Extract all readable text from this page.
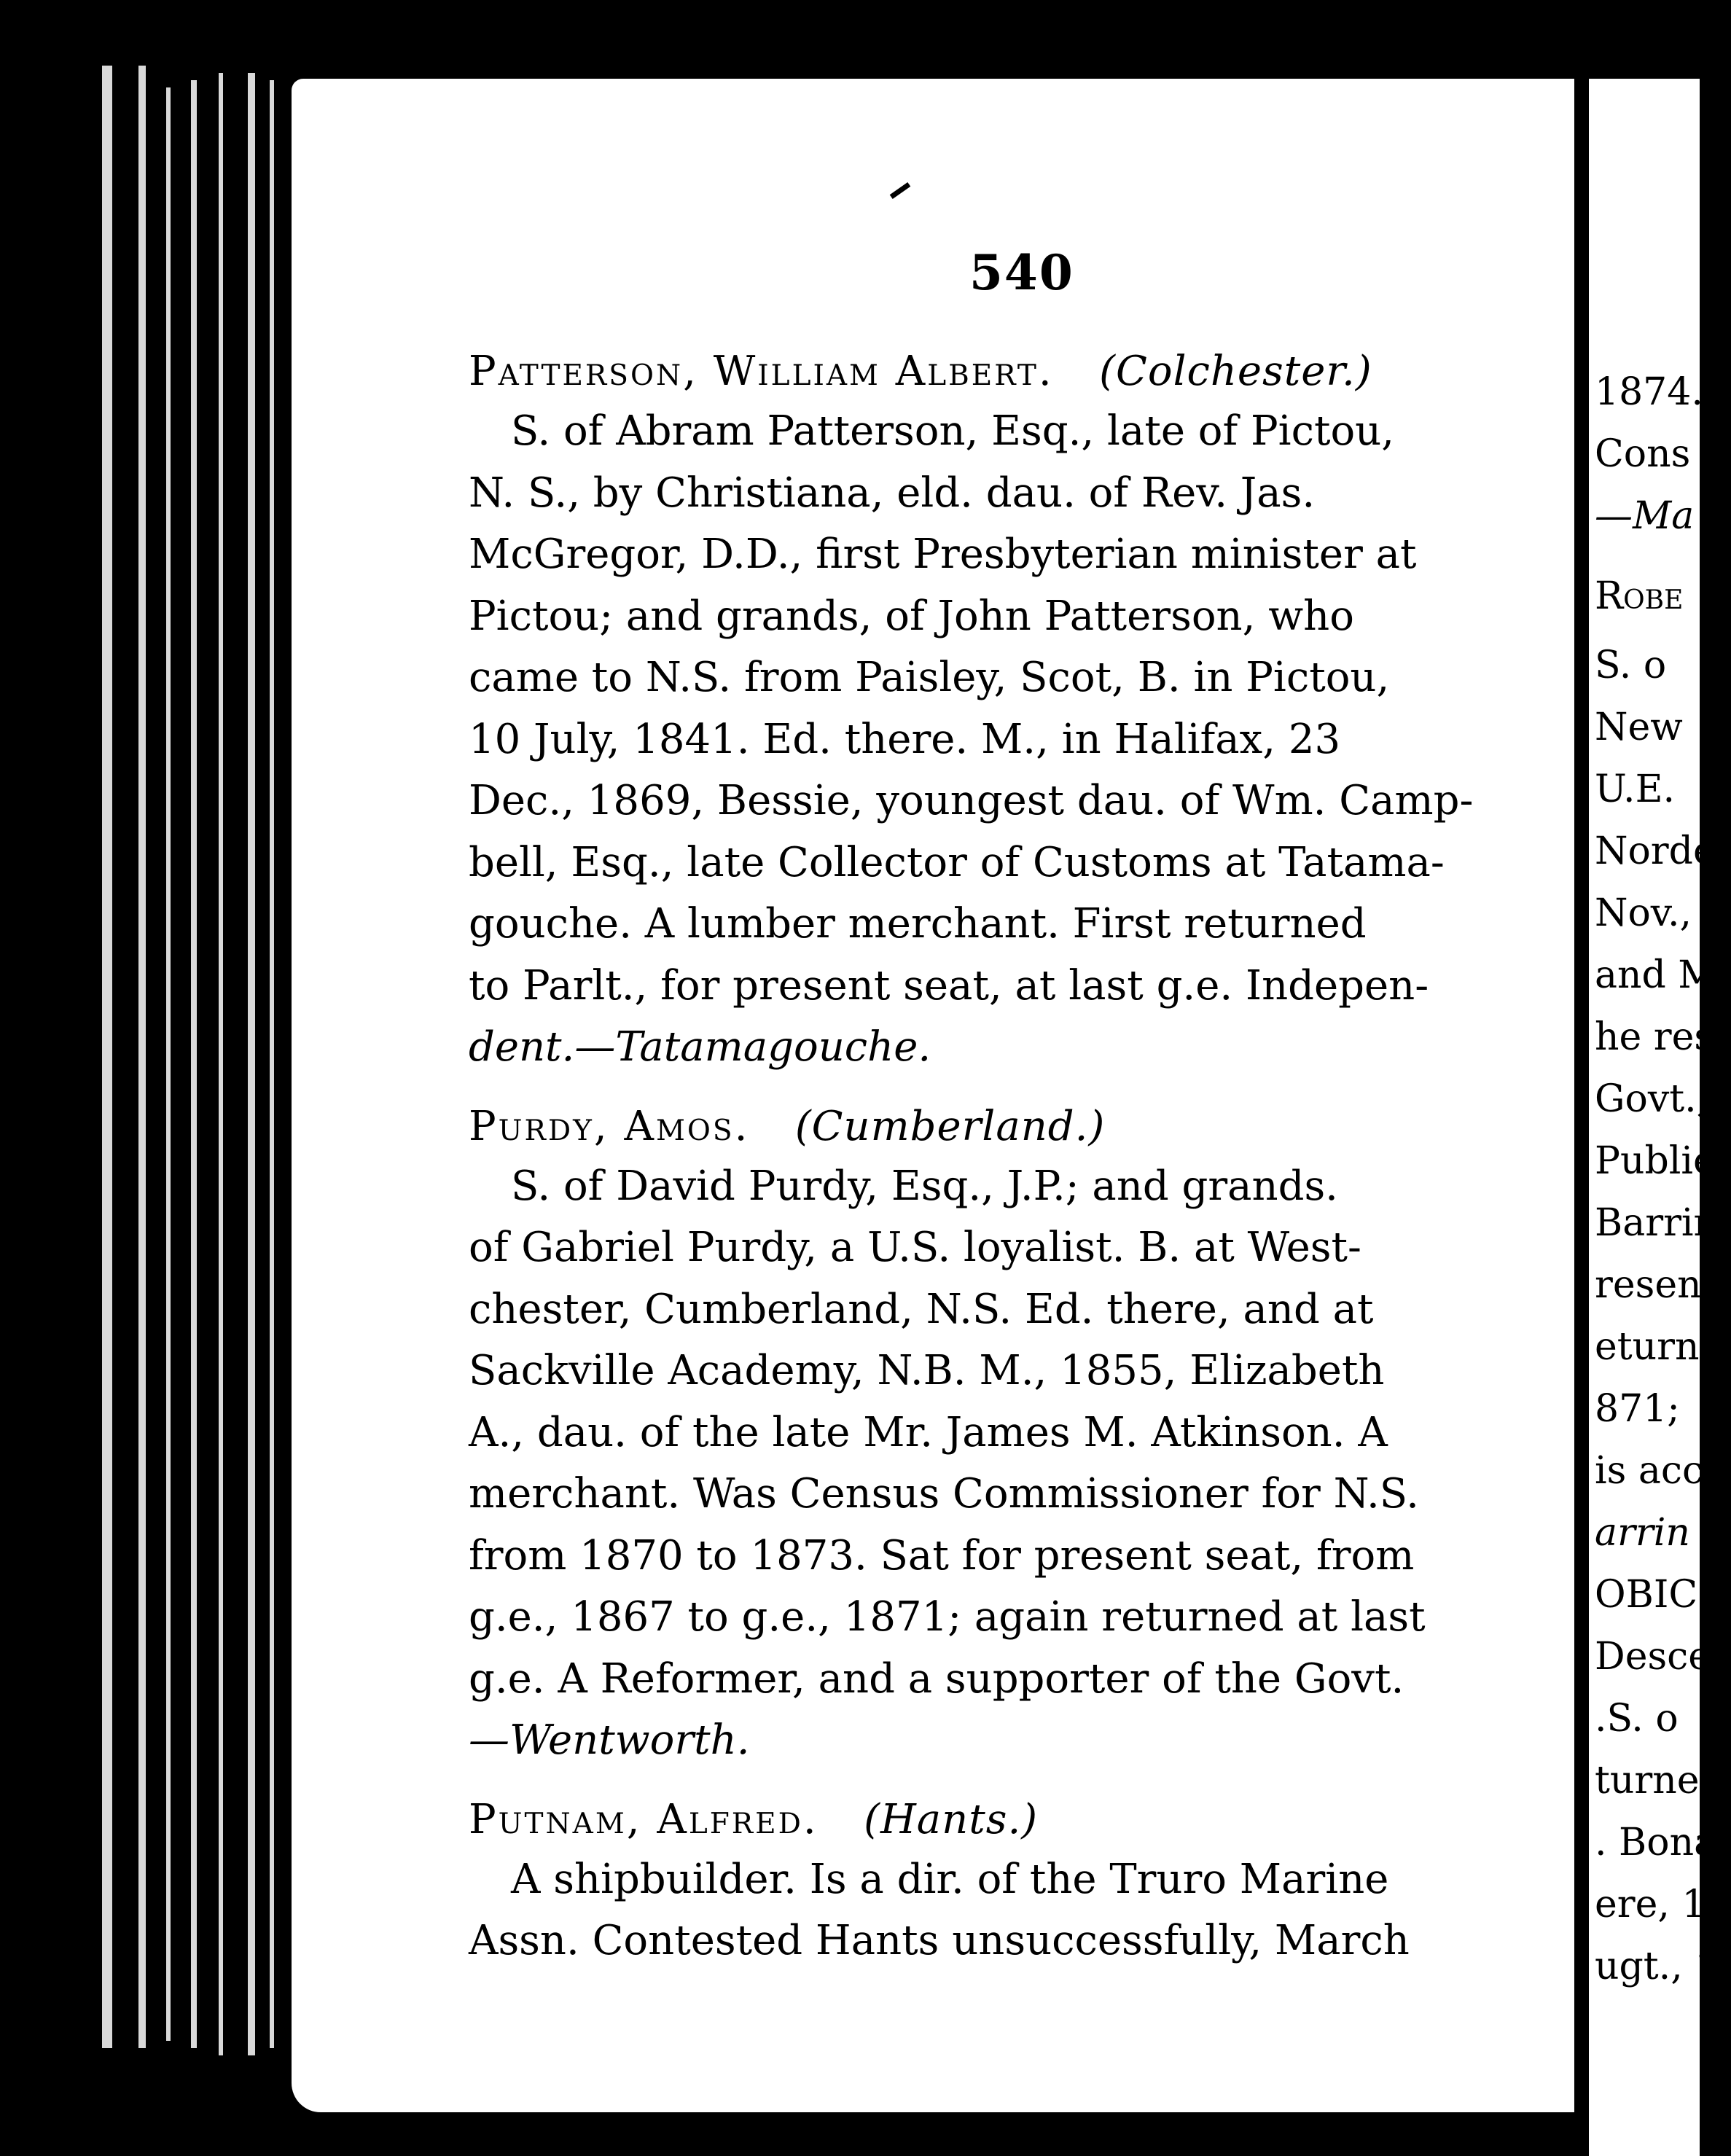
540
Patterson, William Albert. (Colchester.)
S. of Abram Patterson, Esq., late of Pictou,
N. S., by Christiana, eld. dau. of Rev. Jas.
McGregor, D.D., first Presbyterian minister at
Pictou; and grands, of John Patterson, who
came to N.S. from Paisley, Scot, B. in Pictou,
10 July, 1841. Ed. there. M., in Halifax, 23
Dec., 1869, Bessie, youngest dau. of Wm. Camp-
bell, Esq., late Collector of Customs at Tatama-
gouche. A lumber merchant. First returned
to Parlt., for present seat, at last g.e. Indepen-
dent.—Tatamagouche.
Purdy, Amos. (Cumberland.)
S. of David Purdy, Esq., J.P.; and grands.
of Gabriel Purdy, a U.S. loyalist. B. at West-
chester, Cumberland, N.S. Ed. there, and at
Sackville Academy, N.B. M., 1855, Elizabeth
A., dau. of the late Mr. James M. Atkinson. A
merchant. Was Census Commissioner for N.S.
from 1870 to 1873. Sat for present seat, from
g.e., 1867 to g.e., 1871; again returned at last
g.e. A Reformer, and a supporter of the Govt.
—Wentworth.
Putnam, Alfred. (Hants.)
A shipbuilder. Is a dir. of the Truro Marine
Assn. Contested Hants unsuccessfully, March
1874.
Cons
—Ma
Robe
S. o
New
U.E.
Norde
Nov.,
and M
he resi
Govt.,
Publie
Barrin
resent
eturne
871;
is acc
arrin
OBICH
Desce
.S. o
turned
. Bona
ere, 12
ugt., 1
